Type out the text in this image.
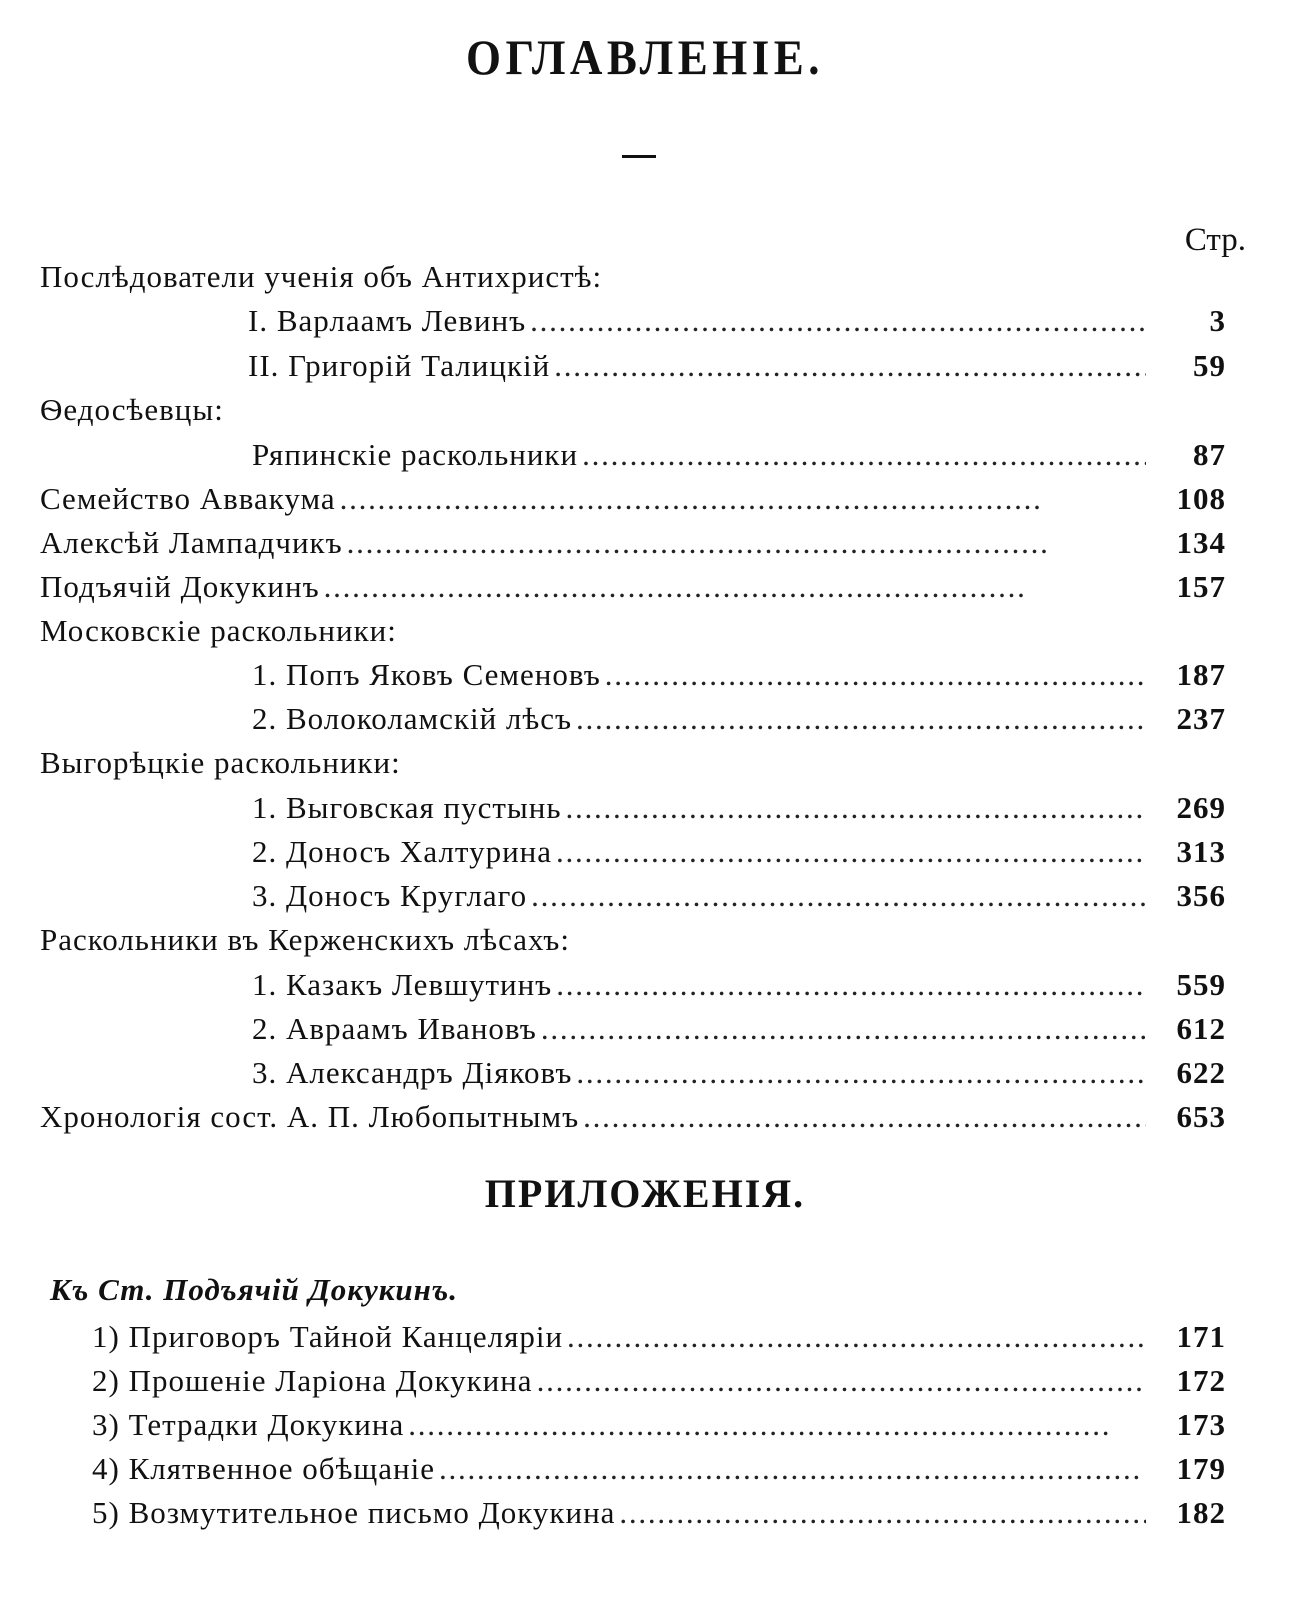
ОГЛАВЛЕНІЕ.
Стр.
Послѣдователи ученія объ Антихристѣ:
I. Варлаамъ Левинъ . . .	3
II. Григорій Талицкій . . .	59
Ѳедосѣевцы:
Ряпинскіе раскольники . . .	87
Семейство Аввакума . . .	108
Алексѣй Лампадчикъ . . .	134
Подъячій Докукинъ . . .	157
Московскіе раскольники:
1. Попъ Яковъ Семеновъ . . .	187
2. Волоколамскій лѣсъ . . .	237
Выгорѣцкіе раскольники:
1. Выговская пустынь . . .	269
2. Доносъ Халтурина . . .	313
3. Доносъ Круглаго . . .	356
Раскольники въ Керженскихъ лѣсахъ:
1. Казакъ Левшутинъ . . .	559
2. Авраамъ Ивановъ . . .	612
3. Александръ Діяковъ . . .	622
Хронологія сост. А. П. Любопытнымъ . . .	653
ПРИЛОЖЕНІЯ.
Къ Ст. Подъячій Докукинъ.
1) Приговоръ Тайной Канцеляріи . . .	171
2) Прошеніе Ларіона Докукина . . .	172
3) Тетрадки Докукина . . .	173
4) Клятвенное обѣщаніе . . .	179
5) Возмутительное письмо Докукина . . .	182
